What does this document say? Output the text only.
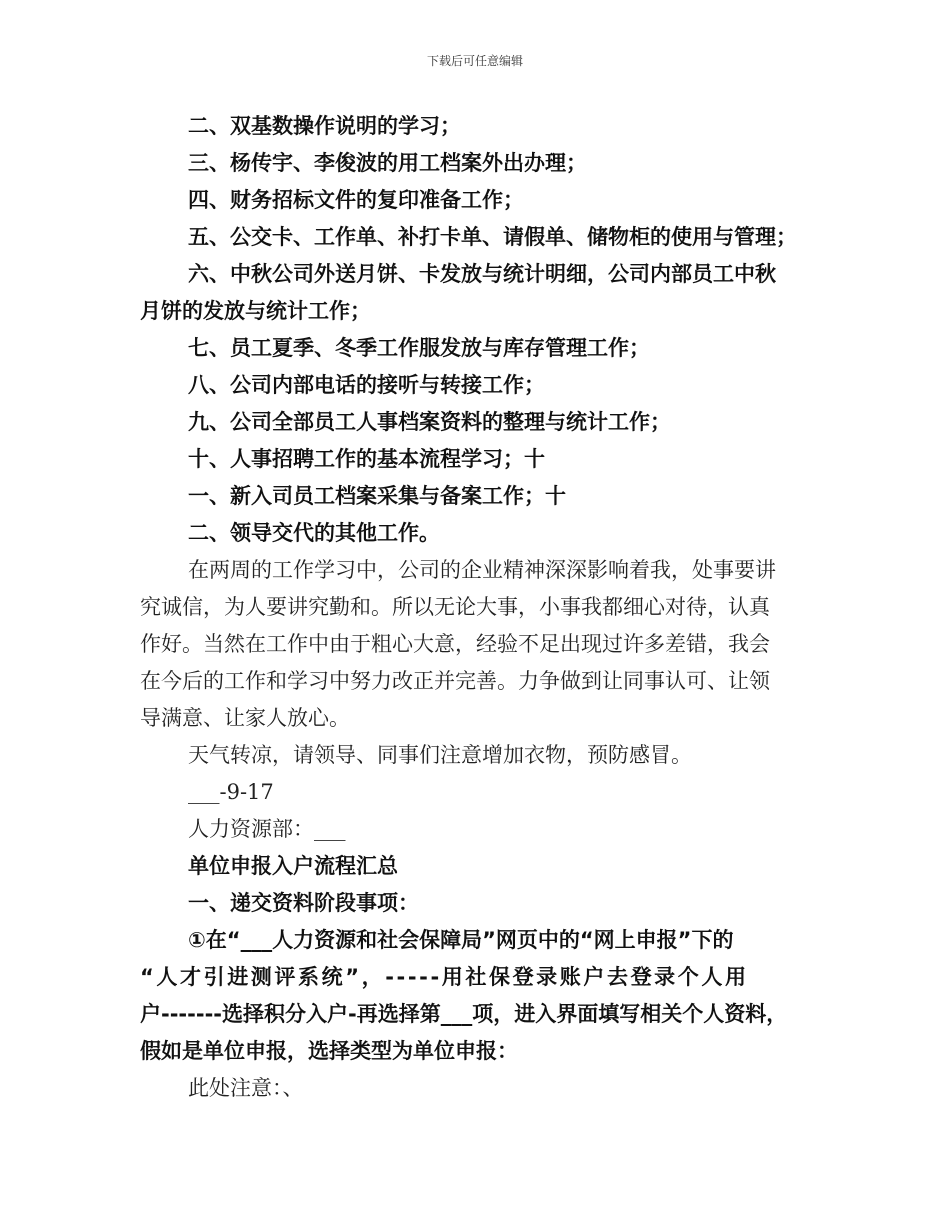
下载后可任意编辑
二、双基数操作说明的学习；
三、杨传宇、李俊波的用工档案外出办理；
四、财务招标文件的复印准备工作；
五、公交卡、工作单、补打卡单、请假单、储物柜的使用与管理；
六、中秋公司外送月饼、卡发放与统计明细，公司内部员工中秋
月饼的发放与统计工作；
七、员工夏季、冬季工作服发放与库存管理工作；
八、公司内部电话的接听与转接工作；
九、公司全部员工人事档案资料的整理与统计工作；
十、人事招聘工作的基本流程学习；十
一、新入司员工档案采集与备案工作；十
二、领导交代的其他工作。
在两周的工作学习中，公司的企业精神深深影响着我，处事要讲
究诚信，为人要讲究勤和。所以无论大事，小事我都细心对待，认真
作好。当然在工作中由于粗心大意，经验不足出现过许多差错，我会
在今后的工作和学习中努力改正并完善。力争做到让同事认可、让领
导满意、让家人放心。
天气转凉，请领导、同事们注意增加衣物，预防感冒。
___-9-17
人力资源部：___
单位申报入户流程汇总
一、递交资料阶段事项：
①在“___人力资源和社会保障局”网页中的“网上申报”下的
“人才引进测评系统”，-----用社保登录账户去登录个人用
户-------选择积分入户-再选择第___项，进入界面填写相关个人资料，
假如是单位申报，选择类型为单位申报：
此处注意：、
